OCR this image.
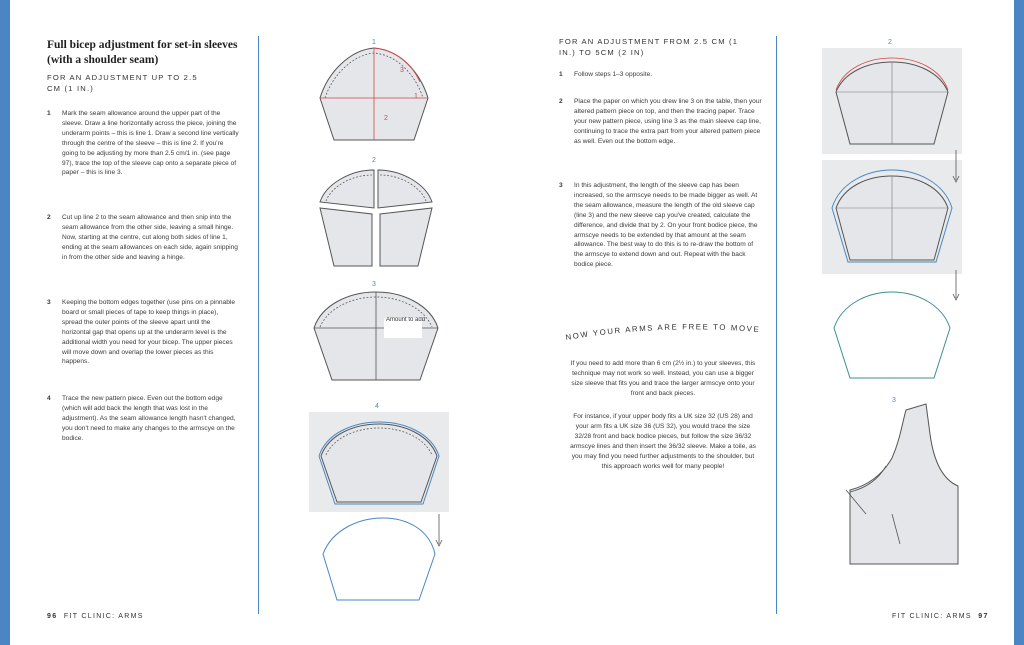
Full bicep adjustment for set-in sleeves (with a shoulder seam)
FOR AN ADJUSTMENT UP TO 2.5 CM (1 IN.)
1 Mark the seam allowance around the upper part of the sleeve. Draw a line horizontally across the piece, joining the underarm points – this is line 1. Draw a second line vertically through the centre of the sleeve – this is line 2. If you're going to be adjusting by more than 2.5 cm/1 in. (see page 97), trace the top of the sleeve cap onto a separate piece of paper – this is line 3.
2 Cut up line 2 to the seam allowance and then snip into the seam allowance from the other side, leaving a small hinge. Now, starting at the centre, cut along both sides of line 1, ending at the seam allowances on each side, again snipping in from the other side and leaving a hinge.
3 Keeping the bottom edges together (use pins on a pinnable board or small pieces of tape to keep things in place), spread the outer points of the sleeve apart until the horizontal gap that opens up at the underarm level is the additional width you need for your bicep. The upper pieces will move down and overlap the lower pieces as this happens.
4 Trace the new pattern piece. Even out the bottom edge (which will add back the length that was lost in the adjustment). As the seam allowance length hasn't changed, you don't need to make any changes to the armscye on the bodice.
1
2
1
3
2
3
Amount to add
4
96 FIT CLINIC: ARMS
FOR AN ADJUSTMENT FROM 2.5 CM (1 IN.) TO 5CM (2 IN)
1 Follow steps 1–3 opposite.
2 Place the paper on which you drew line 3 on the table, then your altered pattern piece on top, and then the tracing paper. Trace your new pattern piece, using line 3 as the main sleeve cap line, continuing to trace the extra part from your altered pattern piece as well. Even out the bottom edge.
3 In this adjustment, the length of the sleeve cap has been increased, so the armscye needs to be made bigger as well. At the seam allowance, measure the length of the old sleeve cap (line 3) and the new sleeve cap you've created, calculate the difference, and divide that by 2. On your front bodice piece, the armscye needs to be extended by that amount at the seam allowance. The best way to do this is to re-draw the bottom of the armscye to extend down and out. Repeat with the back bodice piece.
NOW YOUR ARMS ARE FREE TO MOVE!
If you need to add more than 6 cm (2½ in.) to your sleeves, this technique may not work so well. Instead, you can use a bigger size sleeve that fits you and trace the larger armscye onto your front and back pieces.
For instance, if your upper body fits a UK size 32 (US 28) and your arm fits a UK size 36 (US 32), you would trace the size 32/28 front and back bodice pieces, but follow the size 36/32 armscye lines and then insert the 36/32 sleeve. Make a toile, as you may find you need further adjustments to the shoulder, but this approach works well for many people!
2
3
FIT CLINIC: ARMS 97
